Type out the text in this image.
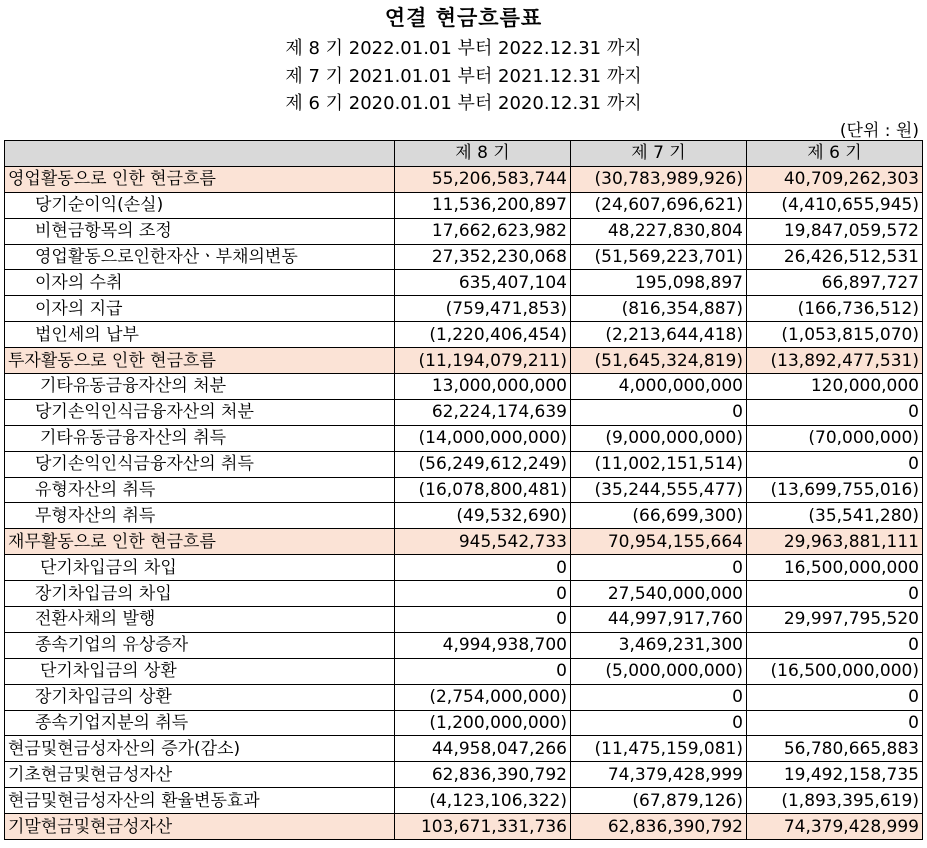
연결 현금흐름표
제 8 기 2022.01.01 부터 2022.12.31 까지
제 7 기 2021.01.01 부터 2021.12.31 까지
제 6 기 2020.01.01 부터 2020.12.31 까지
(단위 : 원)
	제 8 기	제 7 기	제 6 기
영업활동으로 인한 현금흐름	55,206,583,744	(30,783,989,926)	40,709,262,303
당기순이익(손실)	11,536,200,897	(24,607,696,621)	(4,410,655,945)
비현금항목의 조정	17,662,623,982	48,227,830,804	19,847,059,572
영업활동으로인한자산ㆍ부채의변동	27,352,230,068	(51,569,223,701)	26,426,512,531
이자의 수취	635,407,104	195,098,897	66,897,727
이자의 지급	(759,471,853)	(816,354,887)	(166,736,512)
법인세의 납부	(1,220,406,454)	(2,213,644,418)	(1,053,815,070)
투자활동으로 인한 현금흐름	(11,194,079,211)	(51,645,324,819)	(13,892,477,531)
기타유동금융자산의 처분	13,000,000,000	4,000,000,000	120,000,000
당기손익인식금융자산의 처분	62,224,174,639	0	0
기타유동금융자산의 취득	(14,000,000,000)	(9,000,000,000)	(70,000,000)
당기손익인식금융자산의 취득	(56,249,612,249)	(11,002,151,514)	0
유형자산의 취득	(16,078,800,481)	(35,244,555,477)	(13,699,755,016)
무형자산의 취득	(49,532,690)	(66,699,300)	(35,541,280)
재무활동으로 인한 현금흐름	945,542,733	70,954,155,664	29,963,881,111
단기차입금의 차입	0	0	16,500,000,000
장기차입금의 차입	0	27,540,000,000	0
전환사채의 발행	0	44,997,917,760	29,997,795,520
종속기업의 유상증자	4,994,938,700	3,469,231,300	0
단기차입금의 상환	0	(5,000,000,000)	(16,500,000,000)
장기차입금의 상환	(2,754,000,000)	0	0
종속기업지분의 취득	(1,200,000,000)	0	0
현금및현금성자산의 증가(감소)	44,958,047,266	(11,475,159,081)	56,780,665,883
기초현금및현금성자산	62,836,390,792	74,379,428,999	19,492,158,735
현금및현금성자산의 환율변동효과	(4,123,106,322)	(67,879,126)	(1,893,395,619)
기말현금및현금성자산	103,671,331,736	62,836,390,792	74,379,428,999
